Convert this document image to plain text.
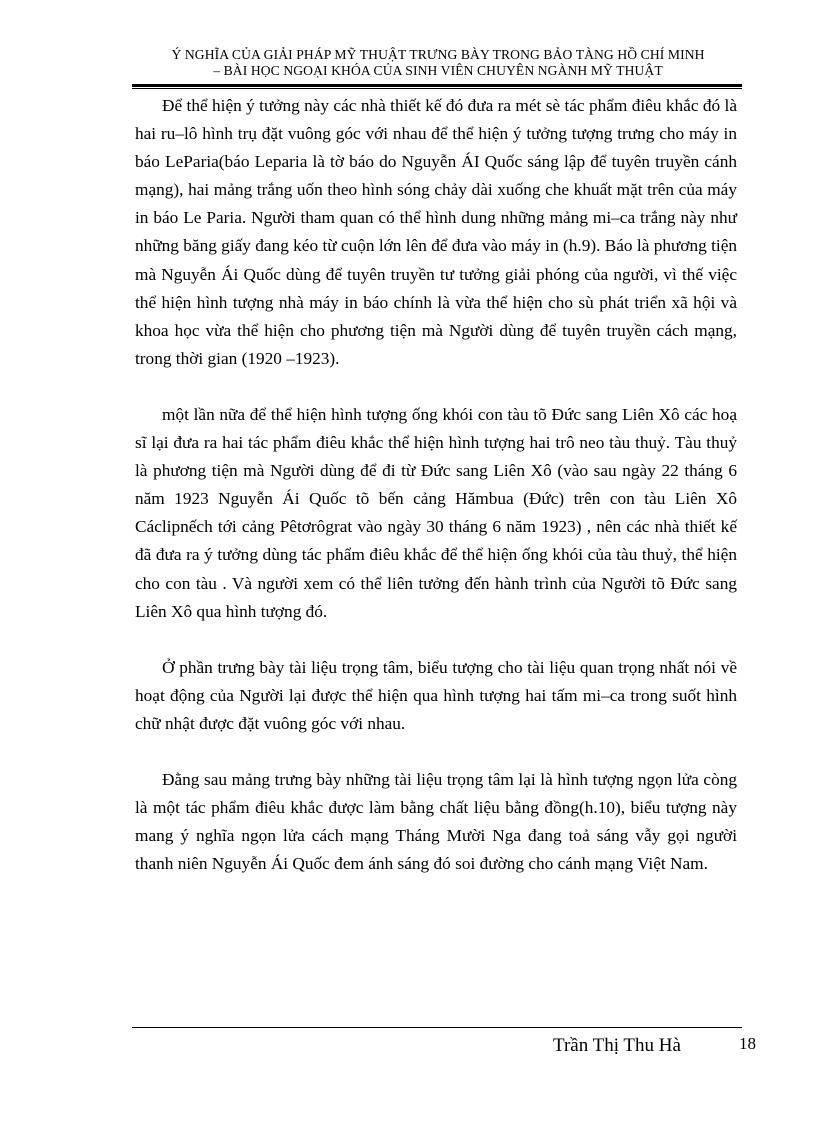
Ý NGHĨA CỦA GIẢI PHÁP MỸ THUẬT TRƯNG BÀY TRONG BẢO TÀNG HỒ CHÍ MINH
– BÀI HỌC NGOẠI KHÓA CỦA SINH VIÊN CHUYÊN NGÀNH MỸ THUẬT

Để thể hiện ý tưởng này các nhà thiết kế đó đưa ra mét sè tác phẩm điêu khắc đó là hai ru–lô hình trụ đặt vuông góc với nhau để thể hiện ý tưởng tượng trưng cho máy in báo LeParia(báo Leparia là tờ báo do Nguyễn ÁI Quốc sáng lập để tuyên truyền cánh mạng), hai mảng trắng uốn theo hình sóng chảy dài xuống che khuất mặt trên của máy in báo Le Paria. Người tham quan có thể hình dung những mảng mi–ca trắng này như những băng giấy đang kéo từ cuộn lớn lên để đưa vào máy in (h.9). Báo là phương tiện mà Nguyễn Ái Quốc dùng để tuyên truyền tư tưởng giải phóng của người, vì thế việc thể hiện hình tượng nhà máy in báo chính là vừa thể hiện cho sù phát triển xã hội và khoa học vừa thể hiện cho phương tiện mà Người dùng để tuyên truyền cách mạng, trong thời gian (1920 –1923).

một lần nữa để thể hiện hình tượng ống khói con tàu tõ Đức sang Liên Xô các hoạ sĩ lại đưa ra hai tác phẩm điêu khắc thể hiện hình tượng hai trô neo tàu thuỷ. Tàu thuỷ là phương tiện mà Người dùng để đi từ Đức sang Liên Xô (vào sau ngày 22 tháng 6 năm 1923 Nguyễn Ái Quốc tõ bến cảng Hămbua (Đức) trên con tàu Liên Xô Cáclipnếch tới cảng Pêtơrôgrat vào ngày 30 tháng 6 năm 1923) , nên các nhà thiết kế đã đưa ra ý tưởng dùng tác phẩm điêu khắc để thể hiện ống khói của tàu thuỷ, thể hiện cho con tàu . Và người xem có thể liên tưởng đến hành trình của Người tõ Đức sang Liên Xô qua hình tượng đó.

Ở phần trưng bày tài liệu trọng tâm, biểu tượng cho tài liệu quan trọng nhất nói về hoạt động của Người lại được thể hiện qua hình tượng hai tấm mi–ca trong suốt hình chữ nhật được đặt vuông góc với nhau.

Đằng sau mảng trưng bày những tài liệu trọng tâm lại là hình tượng ngọn lửa còng là một tác phẩm điêu khắc được làm bằng chất liệu bằng đồng(h.10), biểu tượng này mang ý nghĩa ngọn lửa cách mạng Tháng Mười Nga đang toả sáng vẫy gọi người thanh niên Nguyễn Ái Quốc đem ánh sáng đó soi đường cho cánh mạng Việt Nam.

Trần Thị Thu Hà	18
